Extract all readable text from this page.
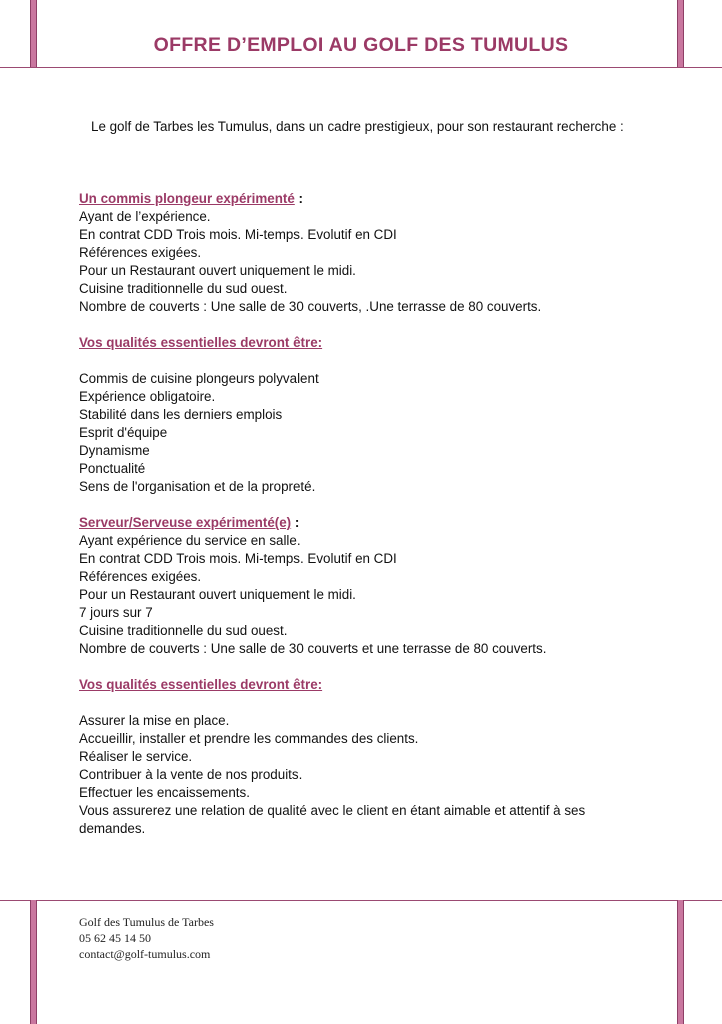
OFFRE D’EMPLOI AU GOLF DES TUMULUS
Le golf de Tarbes les Tumulus, dans un cadre prestigieux, pour son restaurant recherche :
Un commis plongeur expérimenté :
Ayant de l’expérience.
En contrat CDD Trois mois. Mi-temps. Evolutif en CDI
Références exigées.
Pour un Restaurant ouvert uniquement le midi.
Cuisine traditionnelle du sud ouest.
Nombre de couverts : Une salle de 30 couverts, .Une terrasse de 80 couverts.
Vos qualités essentielles devront être:
Commis de cuisine plongeurs polyvalent
Expérience obligatoire.
Stabilité dans les derniers emplois
Esprit d'équipe
Dynamisme
Ponctualité
Sens de l'organisation et de la propreté.
Serveur/Serveuse expérimenté(e) :
Ayant expérience du service en salle.
En contrat CDD Trois mois. Mi-temps. Evolutif en CDI
Références exigées.
Pour un Restaurant ouvert uniquement le midi.
7 jours sur 7
Cuisine traditionnelle du sud ouest.
Nombre de couverts : Une salle de 30 couverts et une terrasse de 80 couverts.
Vos qualités essentielles devront être:
Assurer la mise en place.
Accueillir, installer et prendre les commandes des clients.
Réaliser le service.
Contribuer à la vente de nos produits.
Effectuer les encaissements.
Vous assurerez une relation de qualité avec le client en étant aimable et attentif à ses
demandes.
Golf des Tumulus de Tarbes
05 62 45 14 50
contact@golf-tumulus.com
